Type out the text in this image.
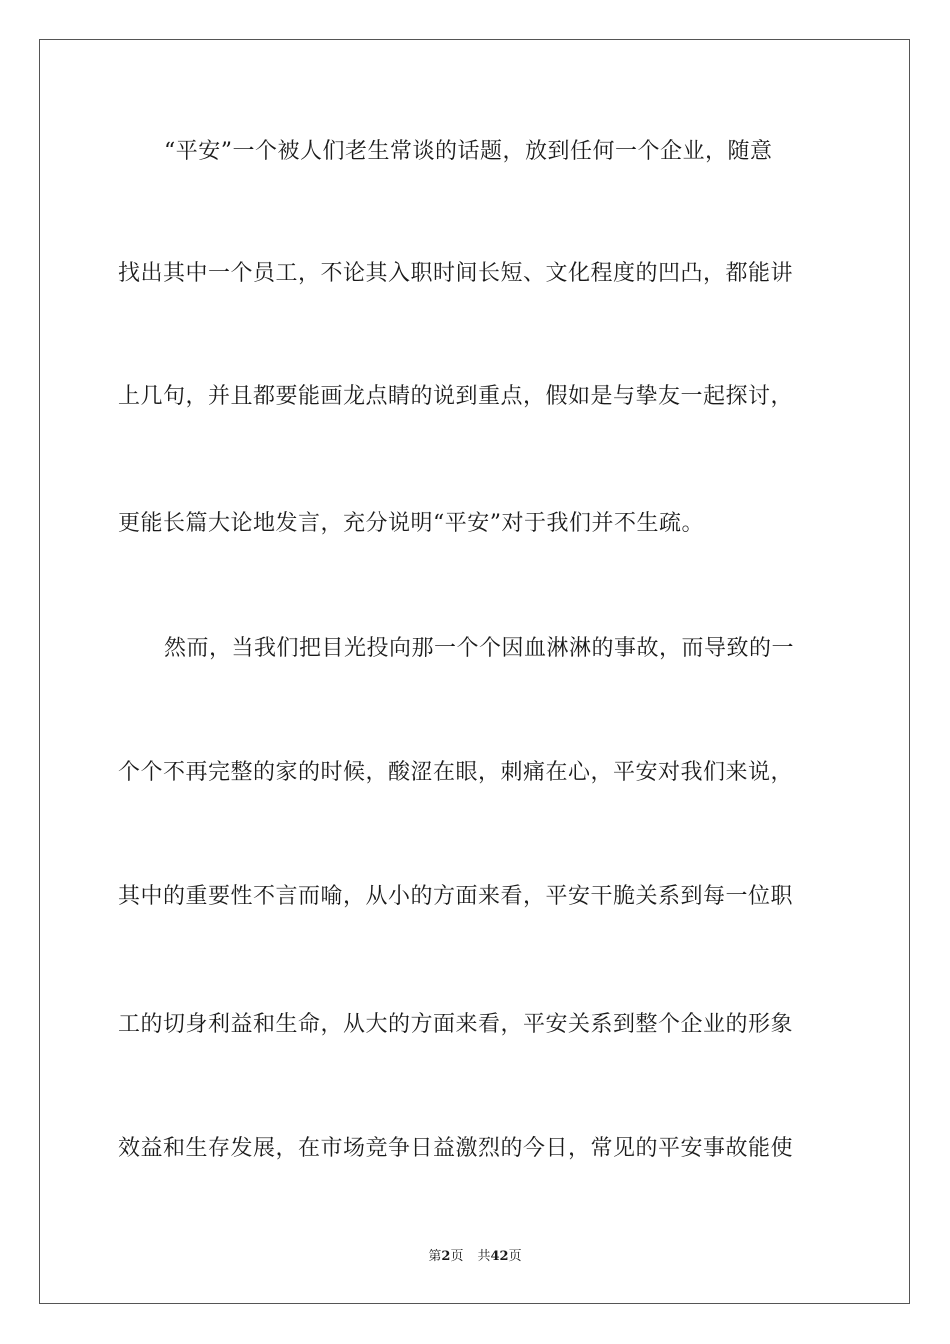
“平安”一个被人们老生常谈的话题，放到任何一个企业，随意
找出其中一个员工，不论其入职时间长短、文化程度的凹凸，都能讲
上几句，并且都要能画龙点睛的说到重点，假如是与挚友一起探讨，
更能长篇大论地发言，充分说明“平安”对于我们并不生疏。
然而，当我们把目光投向那一个个因血淋淋的事故，而导致的一
个个不再完整的家的时候，酸涩在眼，刺痛在心，平安对我们来说，
其中的重要性不言而喻，从小的方面来看，平安干脆关系到每一位职
工的切身利益和生命，从大的方面来看，平安关系到整个企业的形象
效益和生存发展，在市场竞争日益激烈的今日，常见的平安事故能使
第2页 共42页
